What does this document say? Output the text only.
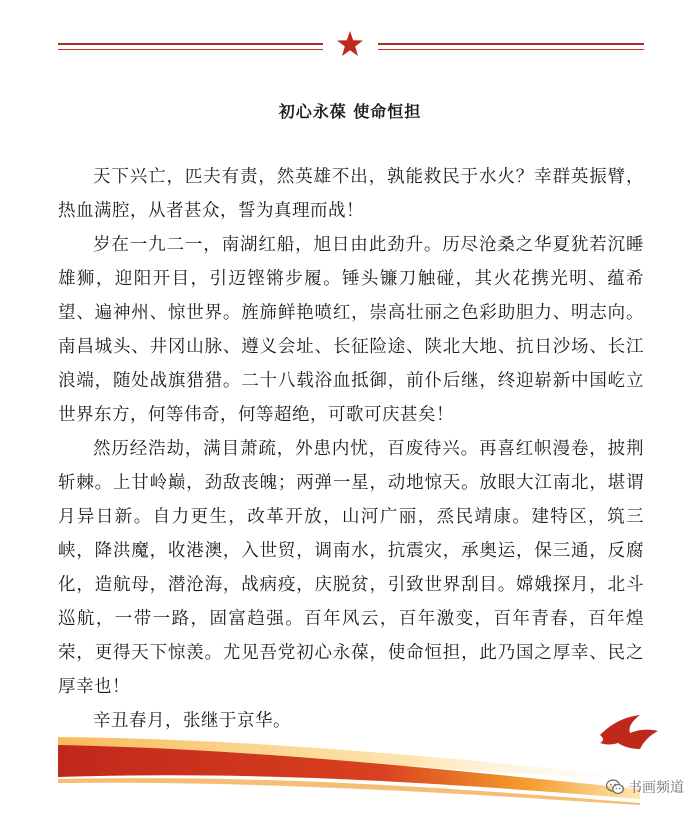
初心永葆 使命恒担

天下兴亡，匹夫有责，然英雄不出，孰能救民于水火？幸群英振臂，热血满腔，从者甚众，誓为真理而战！

岁在一九二一，南湖红船，旭日由此劲升。历尽沧桑之华夏犹若沉睡雄狮，迎阳开目，引迈铿锵步履。锤头镰刀触碰，其火花携光明、蕴希望、遍神州、惊世界。旌旆鲜艳喷红，崇高壮丽之色彩助胆力、明志向。南昌城头、井冈山脉、遵义会址、长征险途、陕北大地、抗日沙场、长江浪端，随处战旗猎猎。二十八载浴血抵御，前仆后继，终迎崭新中国屹立世界东方，何等伟奇，何等超绝，可歌可庆甚矣！

然历经浩劫，满目萧疏，外患内忧，百废待兴。再喜红帜漫卷，披荆斩棘。上甘岭巅，劲敌丧魄；两弹一星，动地惊天。放眼大江南北，堪谓月异日新。自力更生，改革开放，山河广丽，烝民靖康。建特区，筑三峡，降洪魔，收港澳，入世贸，调南水，抗震灾，承奥运，保三通，反腐化，造航母，潜沧海，战病疫，庆脱贫，引致世界刮目。嫦娥探月，北斗巡航，一带一路，固富趋强。百年风云，百年激变，百年青春，百年煌荣，更得天下惊羡。尤见吾党初心永葆，使命恒担，此乃国之厚幸、民之厚幸也！

辛丑春月，张继于京华。

书画频道
